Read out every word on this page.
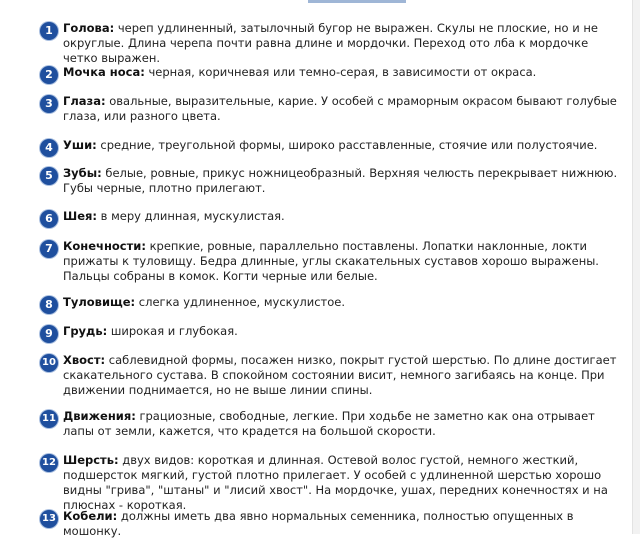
1 Голова: череп удлиненный, затылочный бугор не выражен. Скулы не плоские, но и не округлые. Длина черепа почти равна длине и мордочки. Переход ото лба к мордочке четко выражен.
2 Мочка носа: черная, коричневая или темно-серая, в зависимости от окраса.
3 Глаза: овальные, выразительные, карие. У особей с мраморным окрасом бывают голубые глаза, или разного цвета.
4 Уши: средние, треугольной формы, широко расставленные, стоячие или полустоячие.
5 Зубы: белые, ровные, прикус ножницеобразный. Верхняя челюсть перекрывает нижнюю. Губы черные, плотно прилегают.
6 Шея: в меру длинная, мускулистая.
7 Конечности: крепкие, ровные, параллельно поставлены. Лопатки наклонные, локти прижаты к туловищу. Бедра длинные, углы скакательных суставов хорошо выражены. Пальцы собраны в комок. Когти черные или белые.
8 Туловище: слегка удлиненное, мускулистое.
9 Грудь: широкая и глубокая.
10 Хвост: саблевидной формы, посажен низко, покрыт густой шерстью. По длине достигает скакательного сустава. В спокойном состоянии висит, немного загибаясь на конце. При движении поднимается, но не выше линии спины.
11 Движения: грациозные, свободные, легкие. При ходьбе не заметно как она отрывает лапы от земли, кажется, что крадется на большой скорости.
12 Шерсть: двух видов: короткая и длинная. Остевой волос густой, немного жесткий, подшерсток мягкий, густой плотно прилегает. У особей с удлиненной шерстью хорошо видны "грива", "штаны" и "лисий хвост". На мордочке, ушах, передних конечностях и на плюснах - короткая.
13 Кобели: должны иметь два явно нормальных семенника, полностью опущенных в мошонку.
